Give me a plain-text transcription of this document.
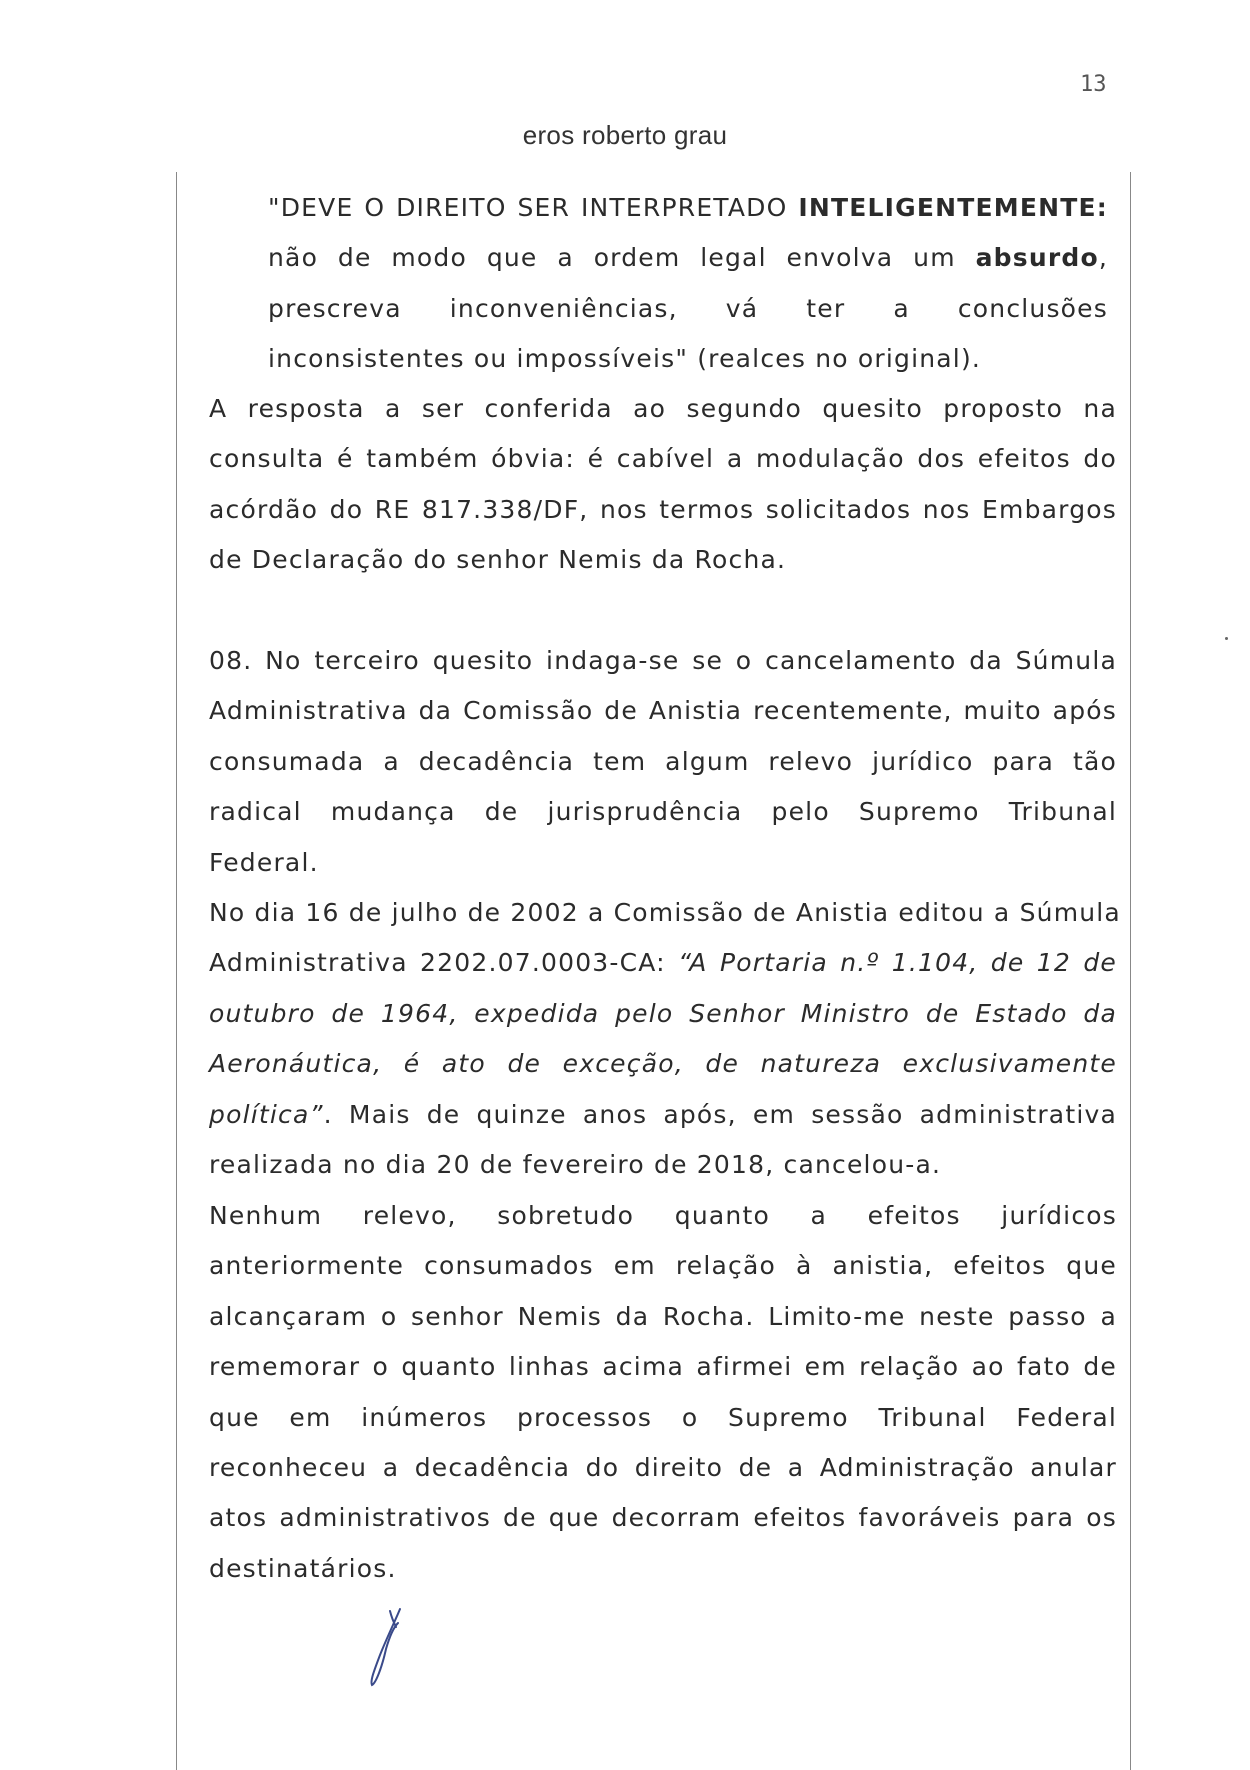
13
eros roberto grau
"DEVE O DIREITO SER INTERPRETADO INTELIGENTEMENTE:
não de modo que a ordem legal envolva um absurdo,
prescreva inconveniências, vá ter a conclusões
inconsistentes ou impossíveis" (realces no original).
A resposta a ser conferida ao segundo quesito proposto na
consulta é também óbvia: é cabível a modulação dos efeitos do
acórdão do RE 817.338/DF, nos termos solicitados nos Embargos
de Declaração do senhor Nemis da Rocha.
08. No terceiro quesito indaga-se se o cancelamento da Súmula
Administrativa da Comissão de Anistia recentemente, muito após
consumada a decadência tem algum relevo jurídico para tão
radical mudança de jurisprudência pelo Supremo Tribunal
Federal.
No dia 16 de julho de 2002 a Comissão de Anistia editou a Súmula
Administrativa 2202.07.0003-CA: “A Portaria n.º 1.104, de 12 de
outubro de 1964, expedida pelo Senhor Ministro de Estado da
Aeronáutica, é ato de exceção, de natureza exclusivamente
política”. Mais de quinze anos após, em sessão administrativa
realizada no dia 20 de fevereiro de 2018, cancelou-a.
Nenhum relevo, sobretudo quanto a efeitos jurídicos
anteriormente consumados em relação à anistia, efeitos que
alcançaram o senhor Nemis da Rocha. Limito-me neste passo a
rememorar o quanto linhas acima afirmei em relação ao fato de
que em inúmeros processos o Supremo Tribunal Federal
reconheceu a decadência do direito de a Administração anular
atos administrativos de que decorram efeitos favoráveis para os
destinatários.
